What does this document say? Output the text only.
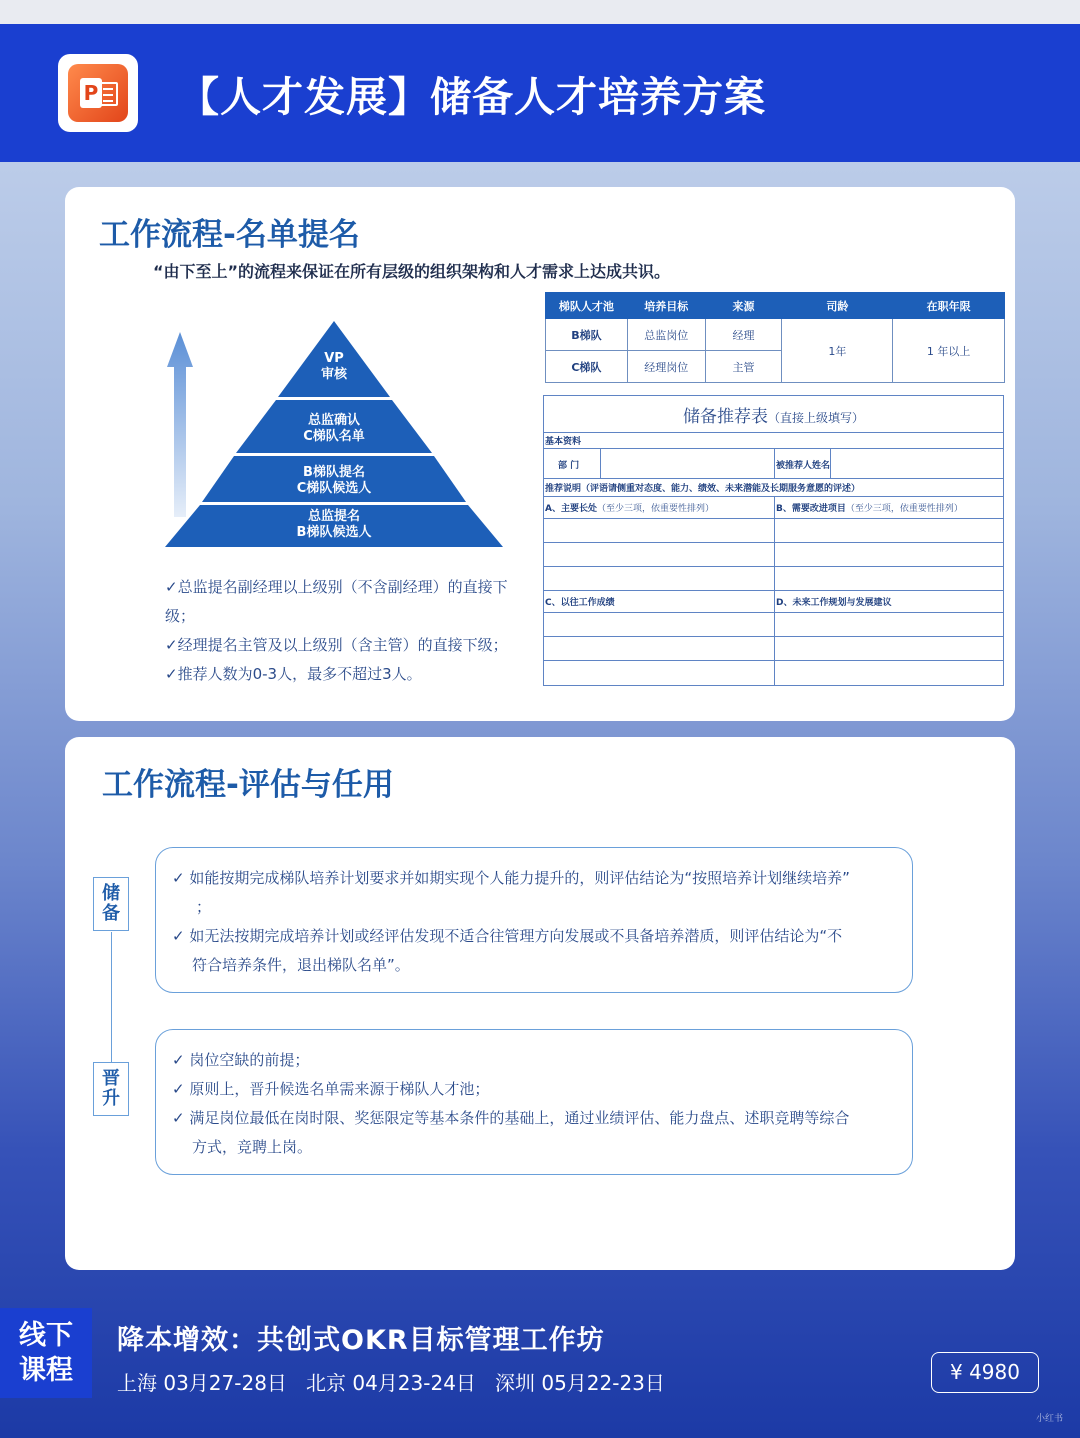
P 【人才发展】储备人才培养方案
工作流程-名单提名
“由下至上”的流程来保证在所有层级的组织架构和人才需求上达成共识。
VP
审核
总监确认
C梯队名单
B梯队提名
C梯队候选人
总监提名
B梯队候选人
✓总监提名副经理以上级别（不含副经理）的直接下级；
✓经理提名主管及以上级别（含主管）的直接下级；
✓推荐人数为0-3人，最多不超过3人。
梯队人才池	培养目标	来源	司龄	在职年限
B梯队	总监岗位	经理	1年	1 年以上
C梯队	经理岗位	主管		
储备推荐表（直接上级填写）
基本资料
部 门	被推荐人姓名
推荐说明（评语请侧重对态度、能力、绩效、未来潜能及长期服务意愿的评述）
A、主要长处（至少三项，依重要性排列）	B、需要改进项目（至少三项，依重要性排列）
C、以往工作成绩	D、未来工作规划与发展建议
工作流程-评估与任用
储备
晋升
✓ 如能按期完成梯队培养计划要求并如期实现个人能力提升的，则评估结论为“按照培养计划继续培养”
；
✓ 如无法按期完成培养计划或经评估发现不适合往管理方向发展或不具备培养潜质，则评估结论为“不
符合培养条件，退出梯队名单”。
✓ 岗位空缺的前提；
✓ 原则上，晋升候选名单需来源于梯队人才池；
✓ 满足岗位最低在岗时限、奖惩限定等基本条件的基础上，通过业绩评估、能力盘点、述职竞聘等综合
方式，竞聘上岗。
线下
课程
降本增效：共创式OKR目标管理工作坊
上海 03月27-28日   北京 04月23-24日   深圳 05月22-23日	¥ 4980
小红书
